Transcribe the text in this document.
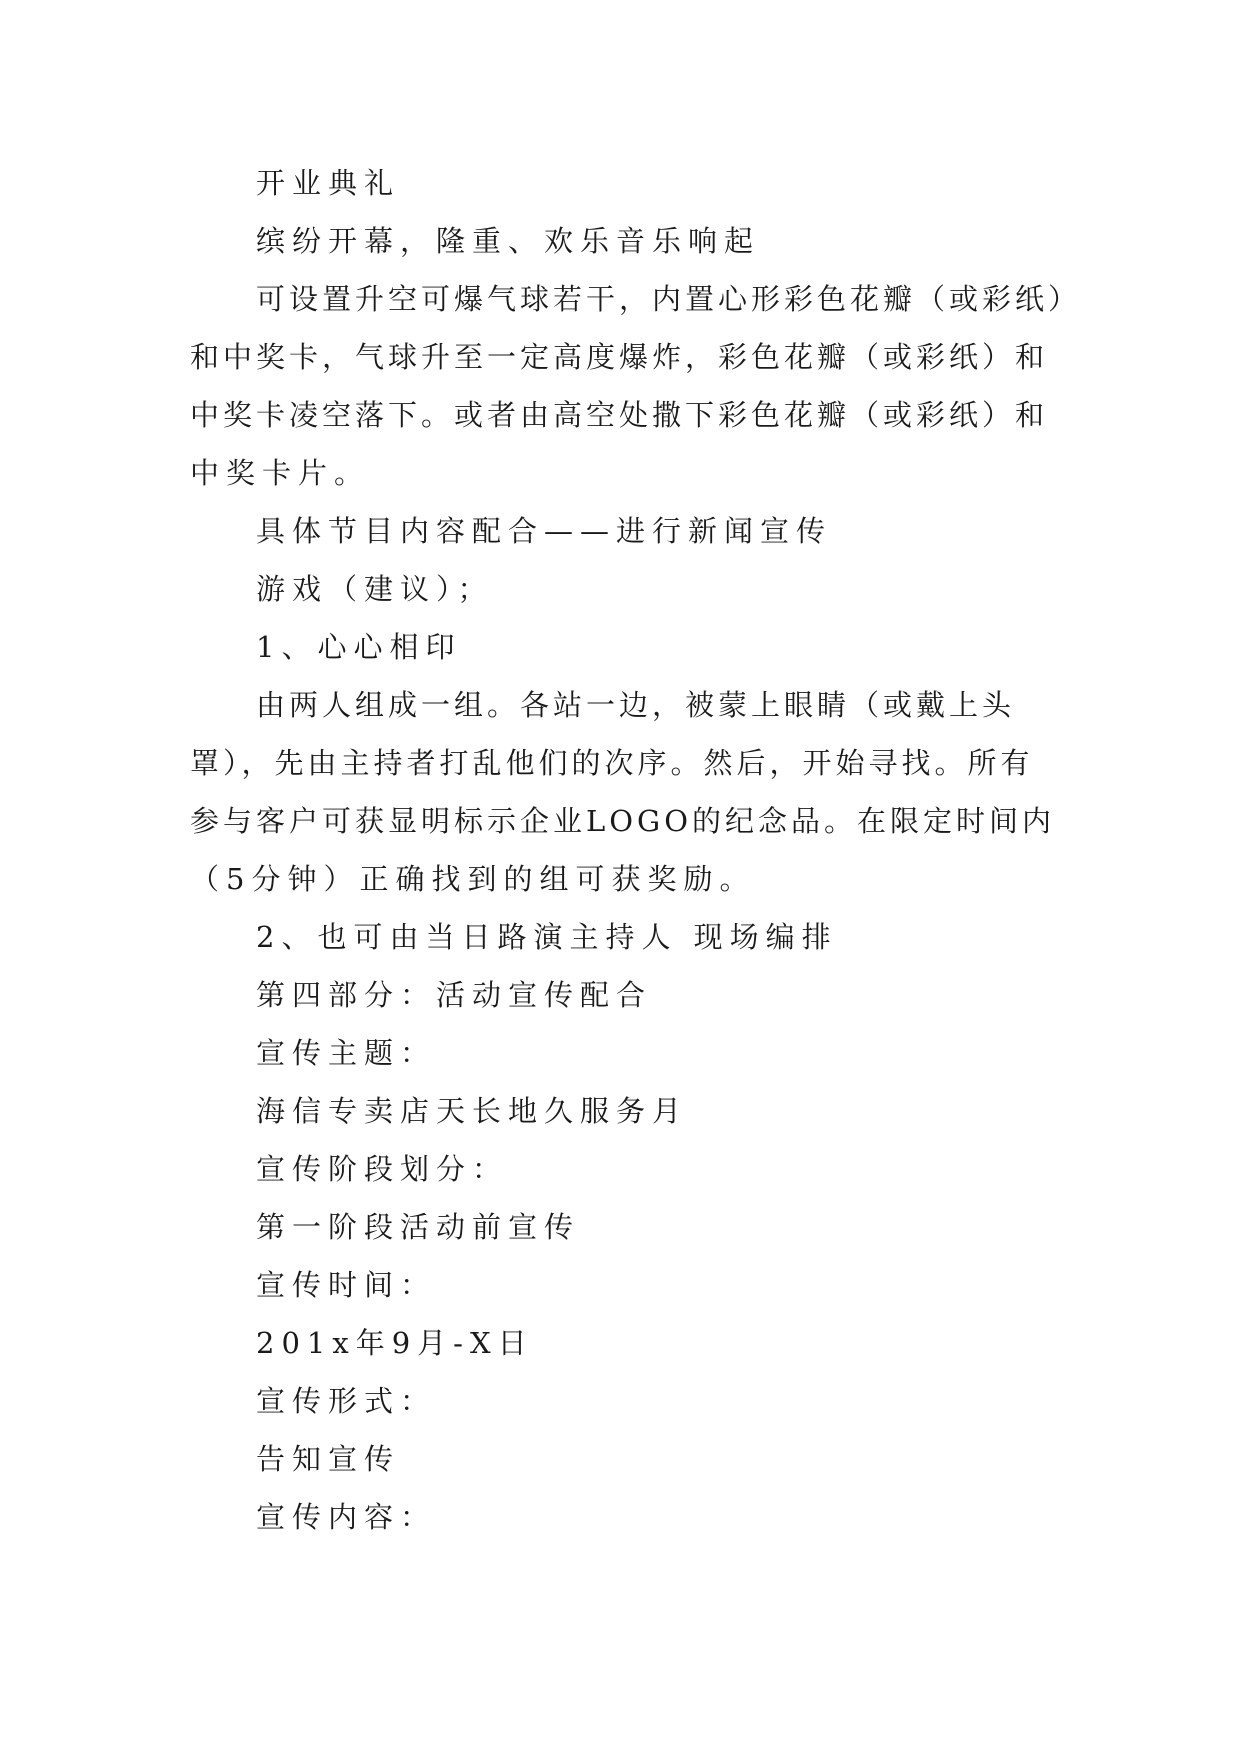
开业典礼
缤纷开幕，隆重、欢乐音乐响起
可设置升空可爆气球若干，内置心形彩色花瓣（或彩纸）
和中奖卡，气球升至一定高度爆炸，彩色花瓣（或彩纸）和
中奖卡凌空落下。或者由高空处撒下彩色花瓣（或彩纸）和
中奖卡片。
具体节目内容配合——进行新闻宣传
游戏（建议）；
1、心心相印
由两人组成一组。各站一边，被蒙上眼睛（或戴上头
罩），先由主持者打乱他们的次序。然后，开始寻找。所有
参与客户可获显明标示企业LOGO的纪念品。在限定时间内
（5分钟）正确找到的组可获奖励。
2、也可由当日路演主持人 现场编排
第四部分：活动宣传配合
宣传主题：
海信专卖店天长地久服务月
宣传阶段划分：
第一阶段活动前宣传
宣传时间：
201x年9月-X日
宣传形式：
告知宣传
宣传内容：
